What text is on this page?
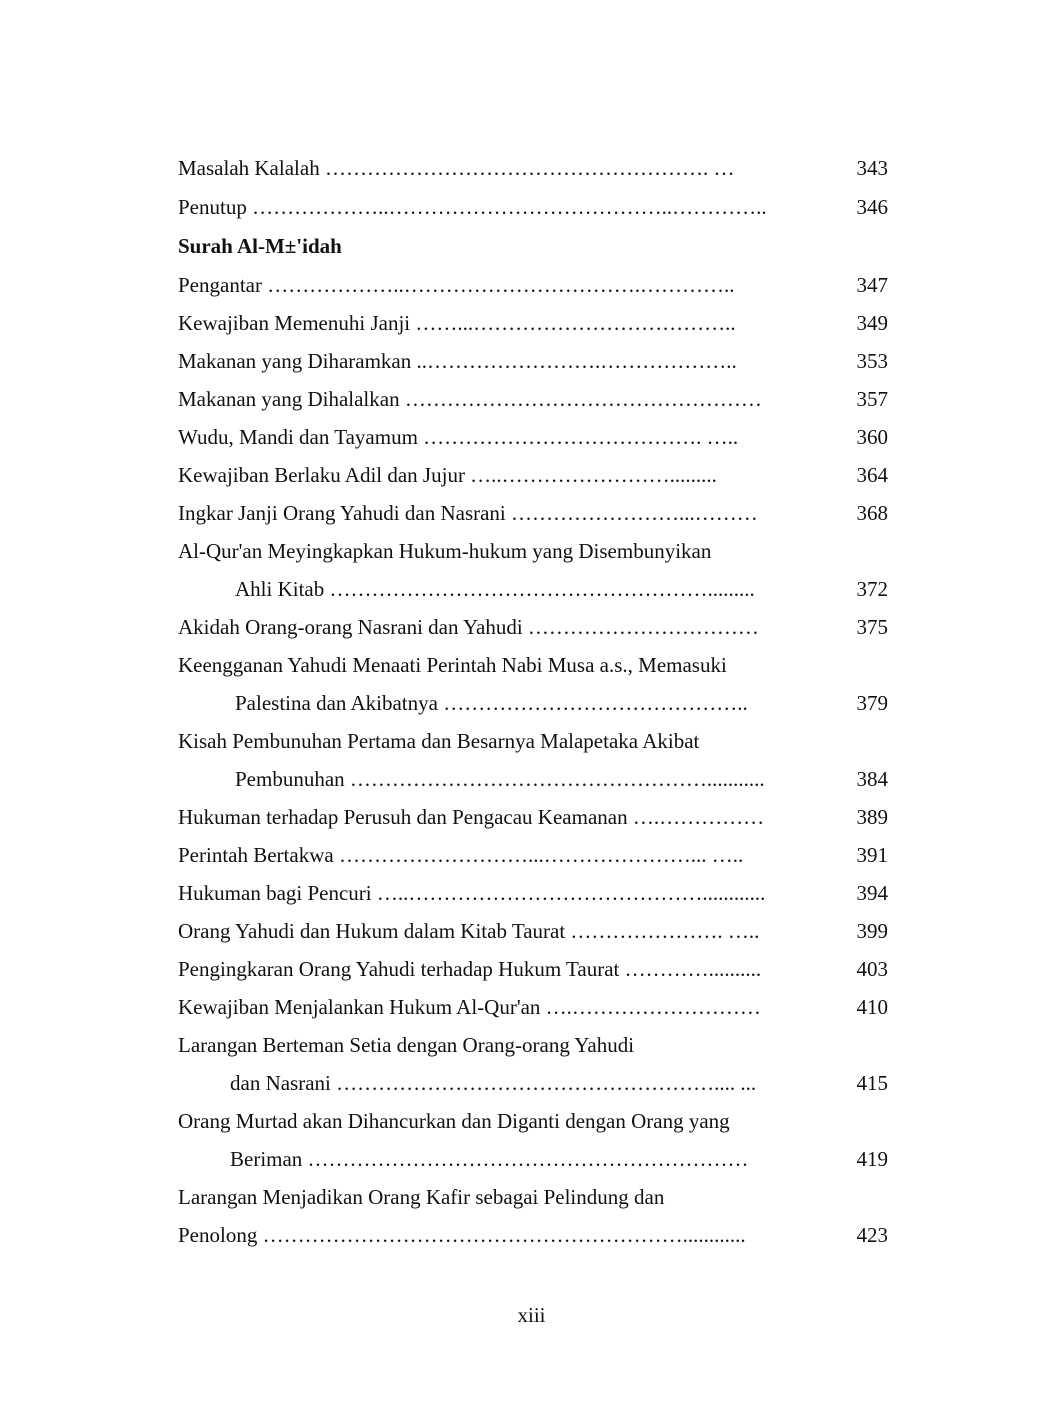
Masalah Kalalah ………………………………………………. …	343
Penutup ………………..…………………………………..…………..	346
Surah Al-M±'idah
Pengantar ………………..…………………………….…………..	347
Kewajiban Memenuhi Janji ……...………………………………..	349
Makanan yang Diharamkan ..…………………….………………..	353
Makanan yang Dihalalkan ……………………………………………	357
Wudu, Mandi dan Tayamum …………………………………. …..	360
Kewajiban Berlaku Adil dan Jujur …..…………………….........	364
Ingkar Janji Orang Yahudi dan Nasrani ……………………...………	368
Al-Qur'an Meyingkapkan Hukum-hukum yang Disembunyikan
Ahli Kitab ……………………………………………….........	372
Akidah Orang-orang Nasrani dan Yahudi ……………………………	375
Keengganan Yahudi Menaati Perintah Nabi Musa a.s., Memasuki
Palestina dan Akibatnya ……………………………………..	379
Kisah Pembunuhan Pertama dan Besarnya Malapetaka Akibat
Pembunuhan ……………………………………………...........	384
Hukuman terhadap Perusuh dan Pengacau Keamanan ….……………	389
Perintah Bertakwa ………………………...…………………... …..	391
Hukuman bagi Pencuri …..……………………………………............	394
Orang Yahudi dan Hukum dalam Kitab Taurat …………………. …..	399
Pengingkaran Orang Yahudi terhadap Hukum Taurat …………..........	403
Kewajiban Menjalankan Hukum Al-Qur'an ….………………………	410
Larangan Berteman Setia dengan Orang-orang Yahudi
dan Nasrani ……………………………………………….... ...	415
Orang Murtad akan Dihancurkan dan Diganti dengan Orang yang
Beriman ………………………………………………………	419
Larangan Menjadikan Orang Kafir sebagai Pelindung dan
Penolong ……………………………………………………............	423
xiii
